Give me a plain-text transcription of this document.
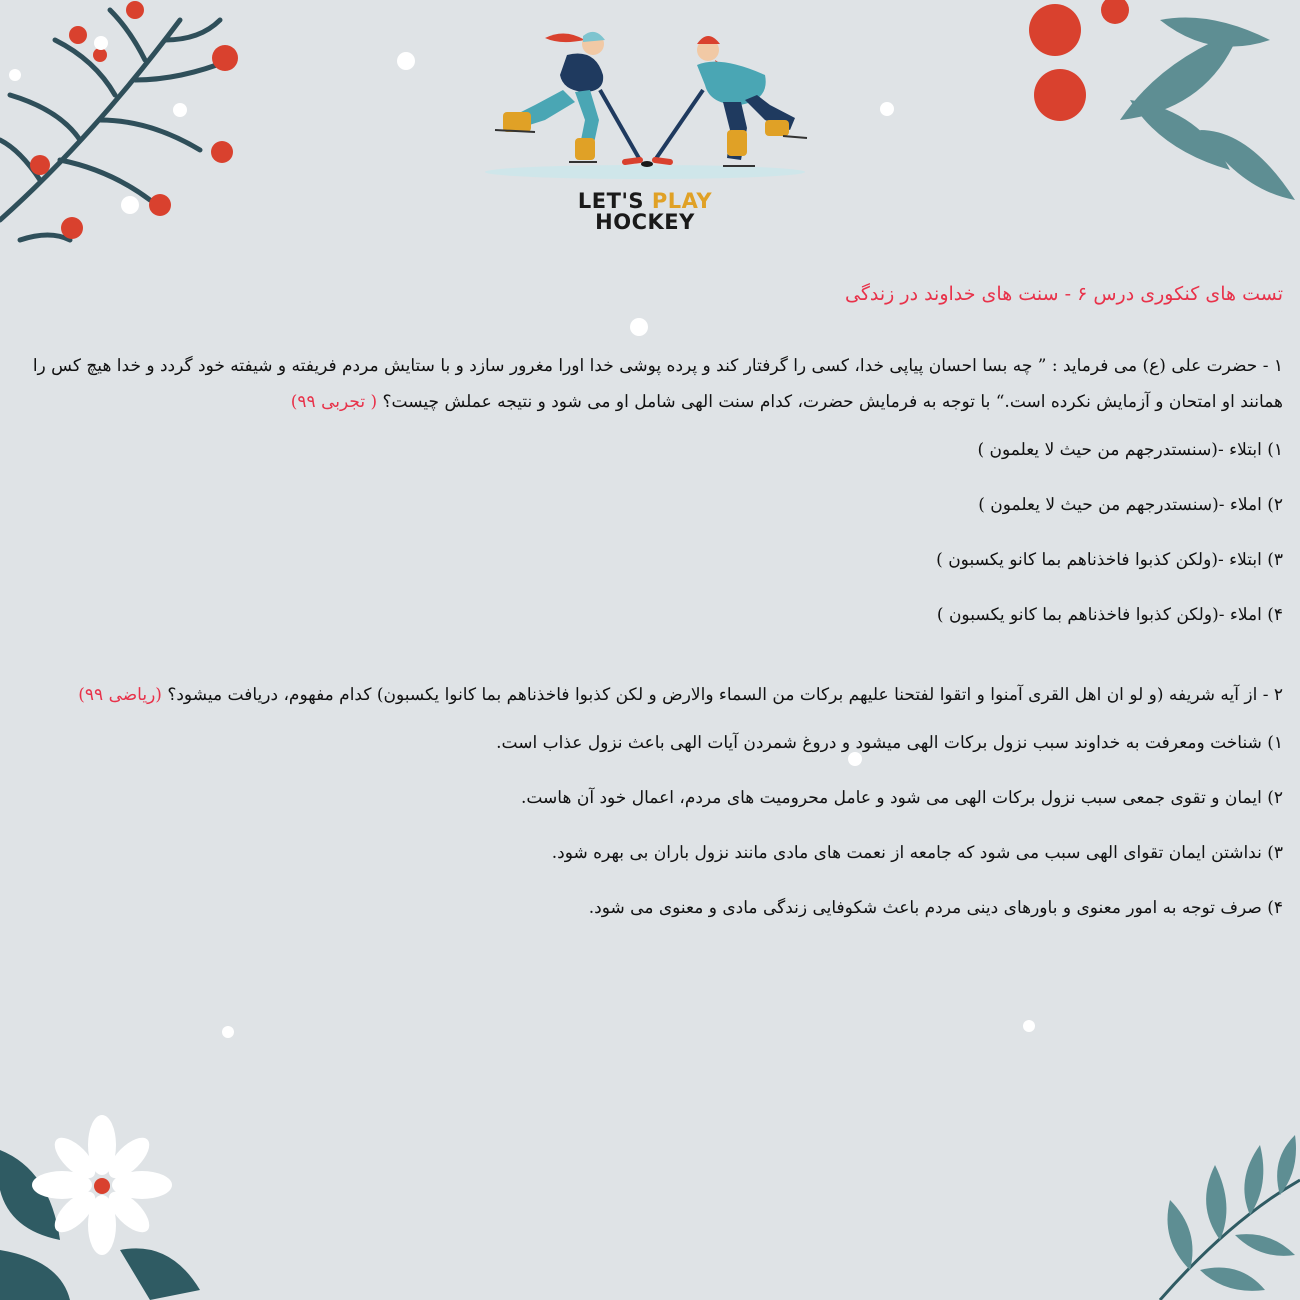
LET'S PLAY
HOCKEY
تست های کنکوری درس ۶ - سنت های خداوند در زندگی

۱ - حضرت علی (ع) می فرماید : ” چه بسا احسان پیاپی خدا، کسی را گرفتار کند و پرده پوشی خدا اورا مغرور سازد و با ستایش مردم فریفته و شیفته خود گردد و خدا هیچ کس را همانند او امتحان و آزمایش نکرده است.“ با توجه به فرمایش حضرت، کدام سنت الهی شامل او می شود و نتیجه عملش چیست؟ ( تجربی ۹۹)

۱) ابتلاء -(سنستدرجهم من حیث لا یعلمون )
۲) املاء -(سنستدرجهم من حیث لا یعلمون )
۳) ابتلاء -(ولکن کذبوا فاخذناهم بما کانو یکسبون )
۴) املاء -(ولکن کذبوا فاخذناهم بما کانو یکسبون )

۲ - از آیه شریفه (و لو ان اهل القری آمنوا و اتقوا لفتحنا علیهم برکات من السماء والارض و لکن کذبوا فاخذناهم بما کانوا یکسبون) کدام مفهوم، دریافت میشود؟ (ریاضی ۹۹)

۱) شناخت ومعرفت به خداوند سبب نزول برکات الهی میشود و دروغ شمردن آیات الهی باعث نزول عذاب است.
۲) ایمان و تقوی جمعی سبب نزول برکات الهی می شود و عامل محرومیت های مردم، اعمال خود آن هاست.
۳) نداشتن ایمان تقوای الهی سبب می شود که جامعه از نعمت های مادی مانند نزول باران بی بهره شود.
۴) صرف توجه به امور معنوی و باورهای دینی مردم باعث شکوفایی زندگی مادی و معنوی می شود.
